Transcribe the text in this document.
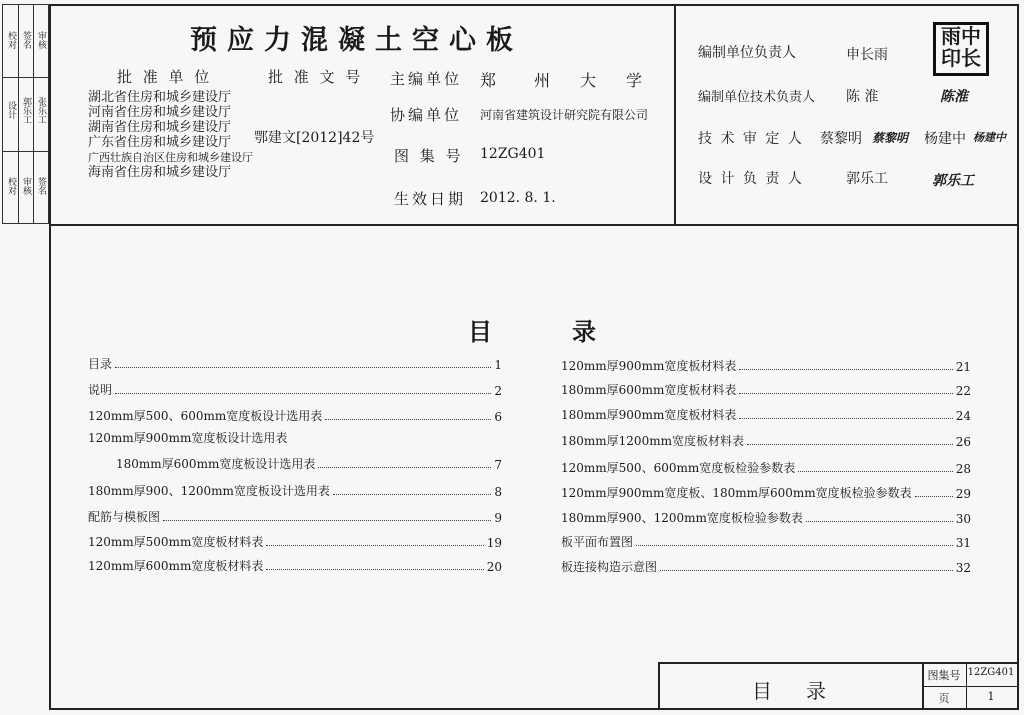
校对 签名 审核
设计 郭乐工 张乐工
校对 审核 签名
预应力混凝土空心板
批 准 单 位	批 准 文 号
湖北省住房和城乡建设厅
河南省住房和城乡建设厅
湖南省住房和城乡建设厅
广东省住房和城乡建设厅
广西壮族自治区住房和城乡建设厅
海南省住房和城乡建设厅
鄂建文[2012]42号
主编单位 郑 州 大 学
协编单位 河南省建筑设计研究院有限公司
图 集 号 12ZG401
生效日期 2012. 8. 1.
编制单位负责人	申长雨
雨中
印长
编制单位技术负责人 陈 淮	陈淮
技 术 审 定 人 蔡黎明 蔡黎明 杨建中 杨建中
设 计 负 责 人	郭乐工	郭乐工
目	录
目录	1
说明	2
120mm厚500、600mm宽度板设计选用表	6
120mm厚900mm宽度板设计选用表
180mm厚600mm宽度板设计选用表	7
180mm厚900、1200mm宽度板设计选用表	8
配筋与模板图	9
120mm厚500mm宽度板材料表	19
120mm厚600mm宽度板材料表	20
120mm厚900mm宽度板材料表	21
180mm厚600mm宽度板材料表	22
180mm厚900mm宽度板材料表	24
180mm厚1200mm宽度板材料表	26
120mm厚500、600mm宽度板检验参数表	28
120mm厚900mm宽度板、180mm厚600mm宽度板检验参数表	29
180mm厚900、1200mm宽度板检验参数表	30
板平面布置图	31
板连接构造示意图	32
目 录
图集号 12ZG401
页	1
